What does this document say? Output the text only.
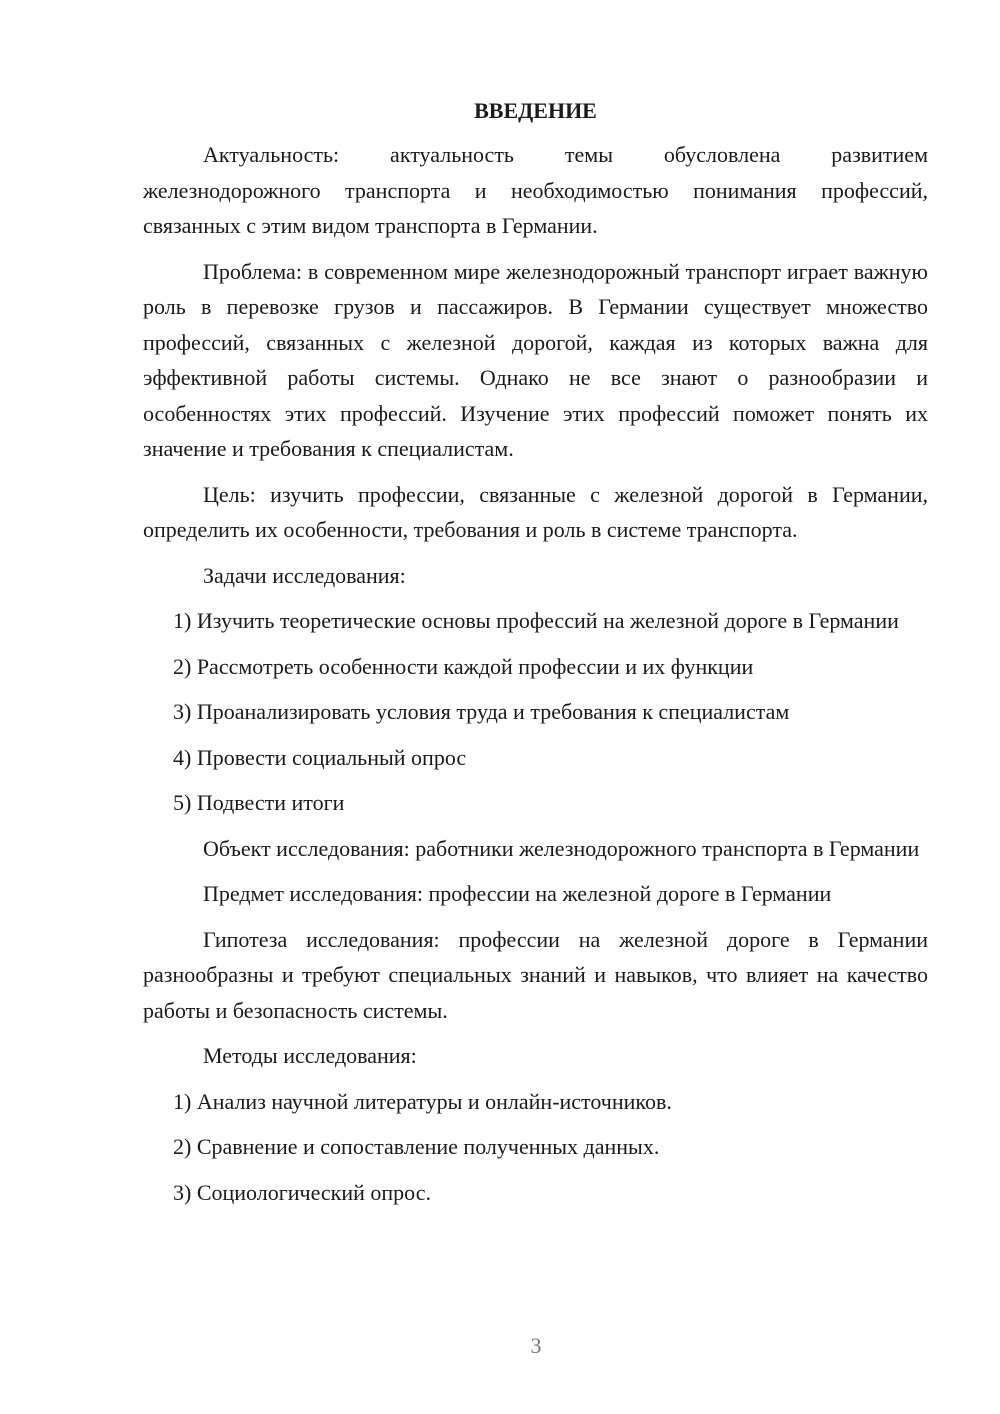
ВВЕДЕНИЕ

Актуальность: актуальность темы обусловлена развитием железнодорожного транспорта и необходимостью понимания профессий, связанных с этим видом транспорта в Германии.

Проблема: в современном мире железнодорожный транспорт играет важную роль в перевозке грузов и пассажиров. В Германии существует множество профессий, связанных с железной дорогой, каждая из которых важна для эффективной работы системы. Однако не все знают о разнообразии и особенностях этих профессий. Изучение этих профессий поможет понять их значение и требования к специалистам.

Цель: изучить профессии, связанные с железной дорогой в Германии, определить их особенности, требования и роль в системе транспорта.

Задачи исследования:

1) Изучить теоретические основы профессий на железной дороге в Германии

2) Рассмотреть особенности каждой профессии и их функции

3) Проанализировать условия труда и требования к специалистам

4) Провести социальный опрос

5) Подвести итоги

Объект исследования: работники железнодорожного транспорта в Германии

Предмет исследования: профессии на железной дороге в Германии

Гипотеза исследования: профессии на железной дороге в Германии разнообразны и требуют специальных знаний и навыков, что влияет на качество работы и безопасность системы.

Методы исследования:

1) Анализ научной литературы и онлайн-источников.

2) Сравнение и сопоставление полученных данных.

3) Социологический опрос.

3
